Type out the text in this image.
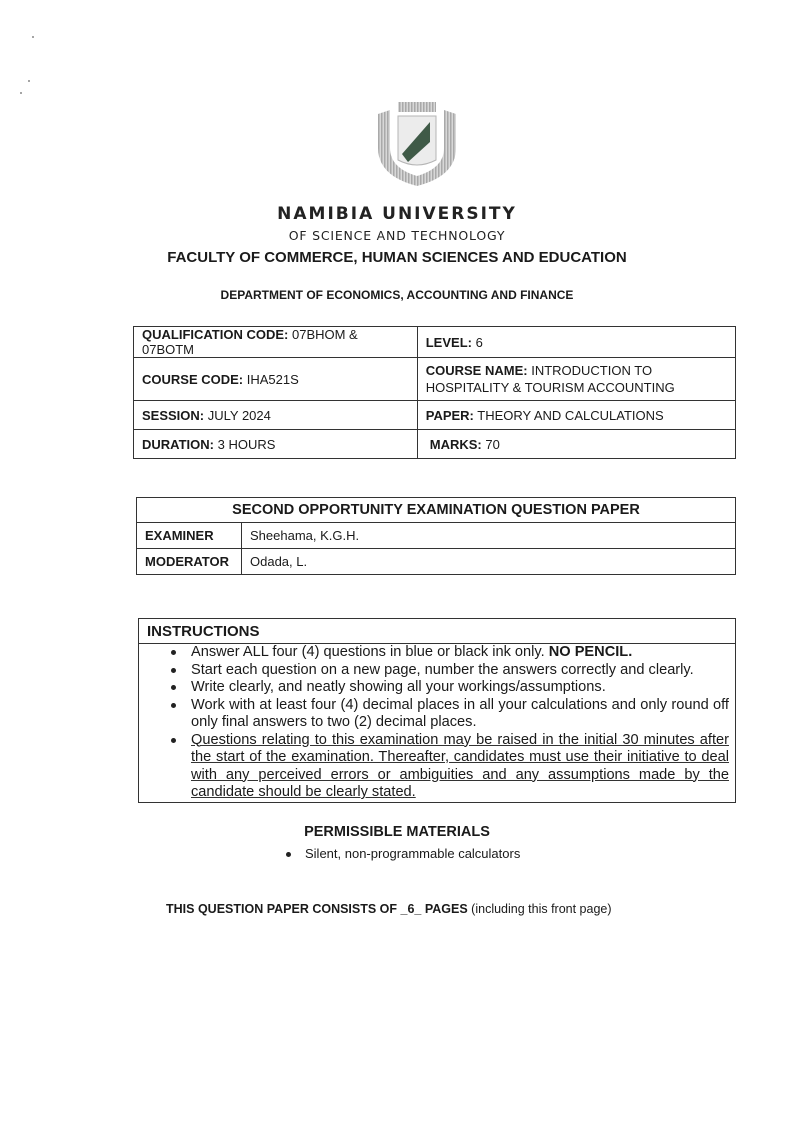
NAMIBIA UNIVERSITY
OF SCIENCE AND TECHNOLOGY
FACULTY OF COMMERCE, HUMAN SCIENCES AND EDUCATION
DEPARTMENT OF ECONOMICS, ACCOUNTING AND FINANCE
QUALIFICATION CODE: 07BHOM & 07BOTM	LEVEL: 6
COURSE CODE: IHA521S	COURSE NAME: INTRODUCTION TO HOSPITALITY & TOURISM ACCOUNTING
SESSION: JULY 2024	PAPER: THEORY AND CALCULATIONS
DURATION: 3 HOURS	MARKS: 70
SECOND OPPORTUNITY EXAMINATION QUESTION PAPER	
EXAMINER	Sheehama, K.G.H.
MODERATOR	Odada, L.
INSTRUCTIONS
Answer ALL four (4) questions in blue or black ink only. NO PENCIL.
Start each question on a new page, number the answers correctly and clearly.
Write clearly, and neatly showing all your workings/assumptions.
Work with at least four (4) decimal places in all your calculations and only round off only final answers to two (2) decimal places.
Questions relating to this examination may be raised in the initial 30 minutes after the start of the examination. Thereafter, candidates must use their initiative to deal with any perceived errors or ambiguities and any assumptions made by the candidate should be clearly stated.
PERMISSIBLE MATERIALS
Silent, non-programmable calculators
THIS QUESTION PAPER CONSISTS OF _6_ PAGES (including this front page)
